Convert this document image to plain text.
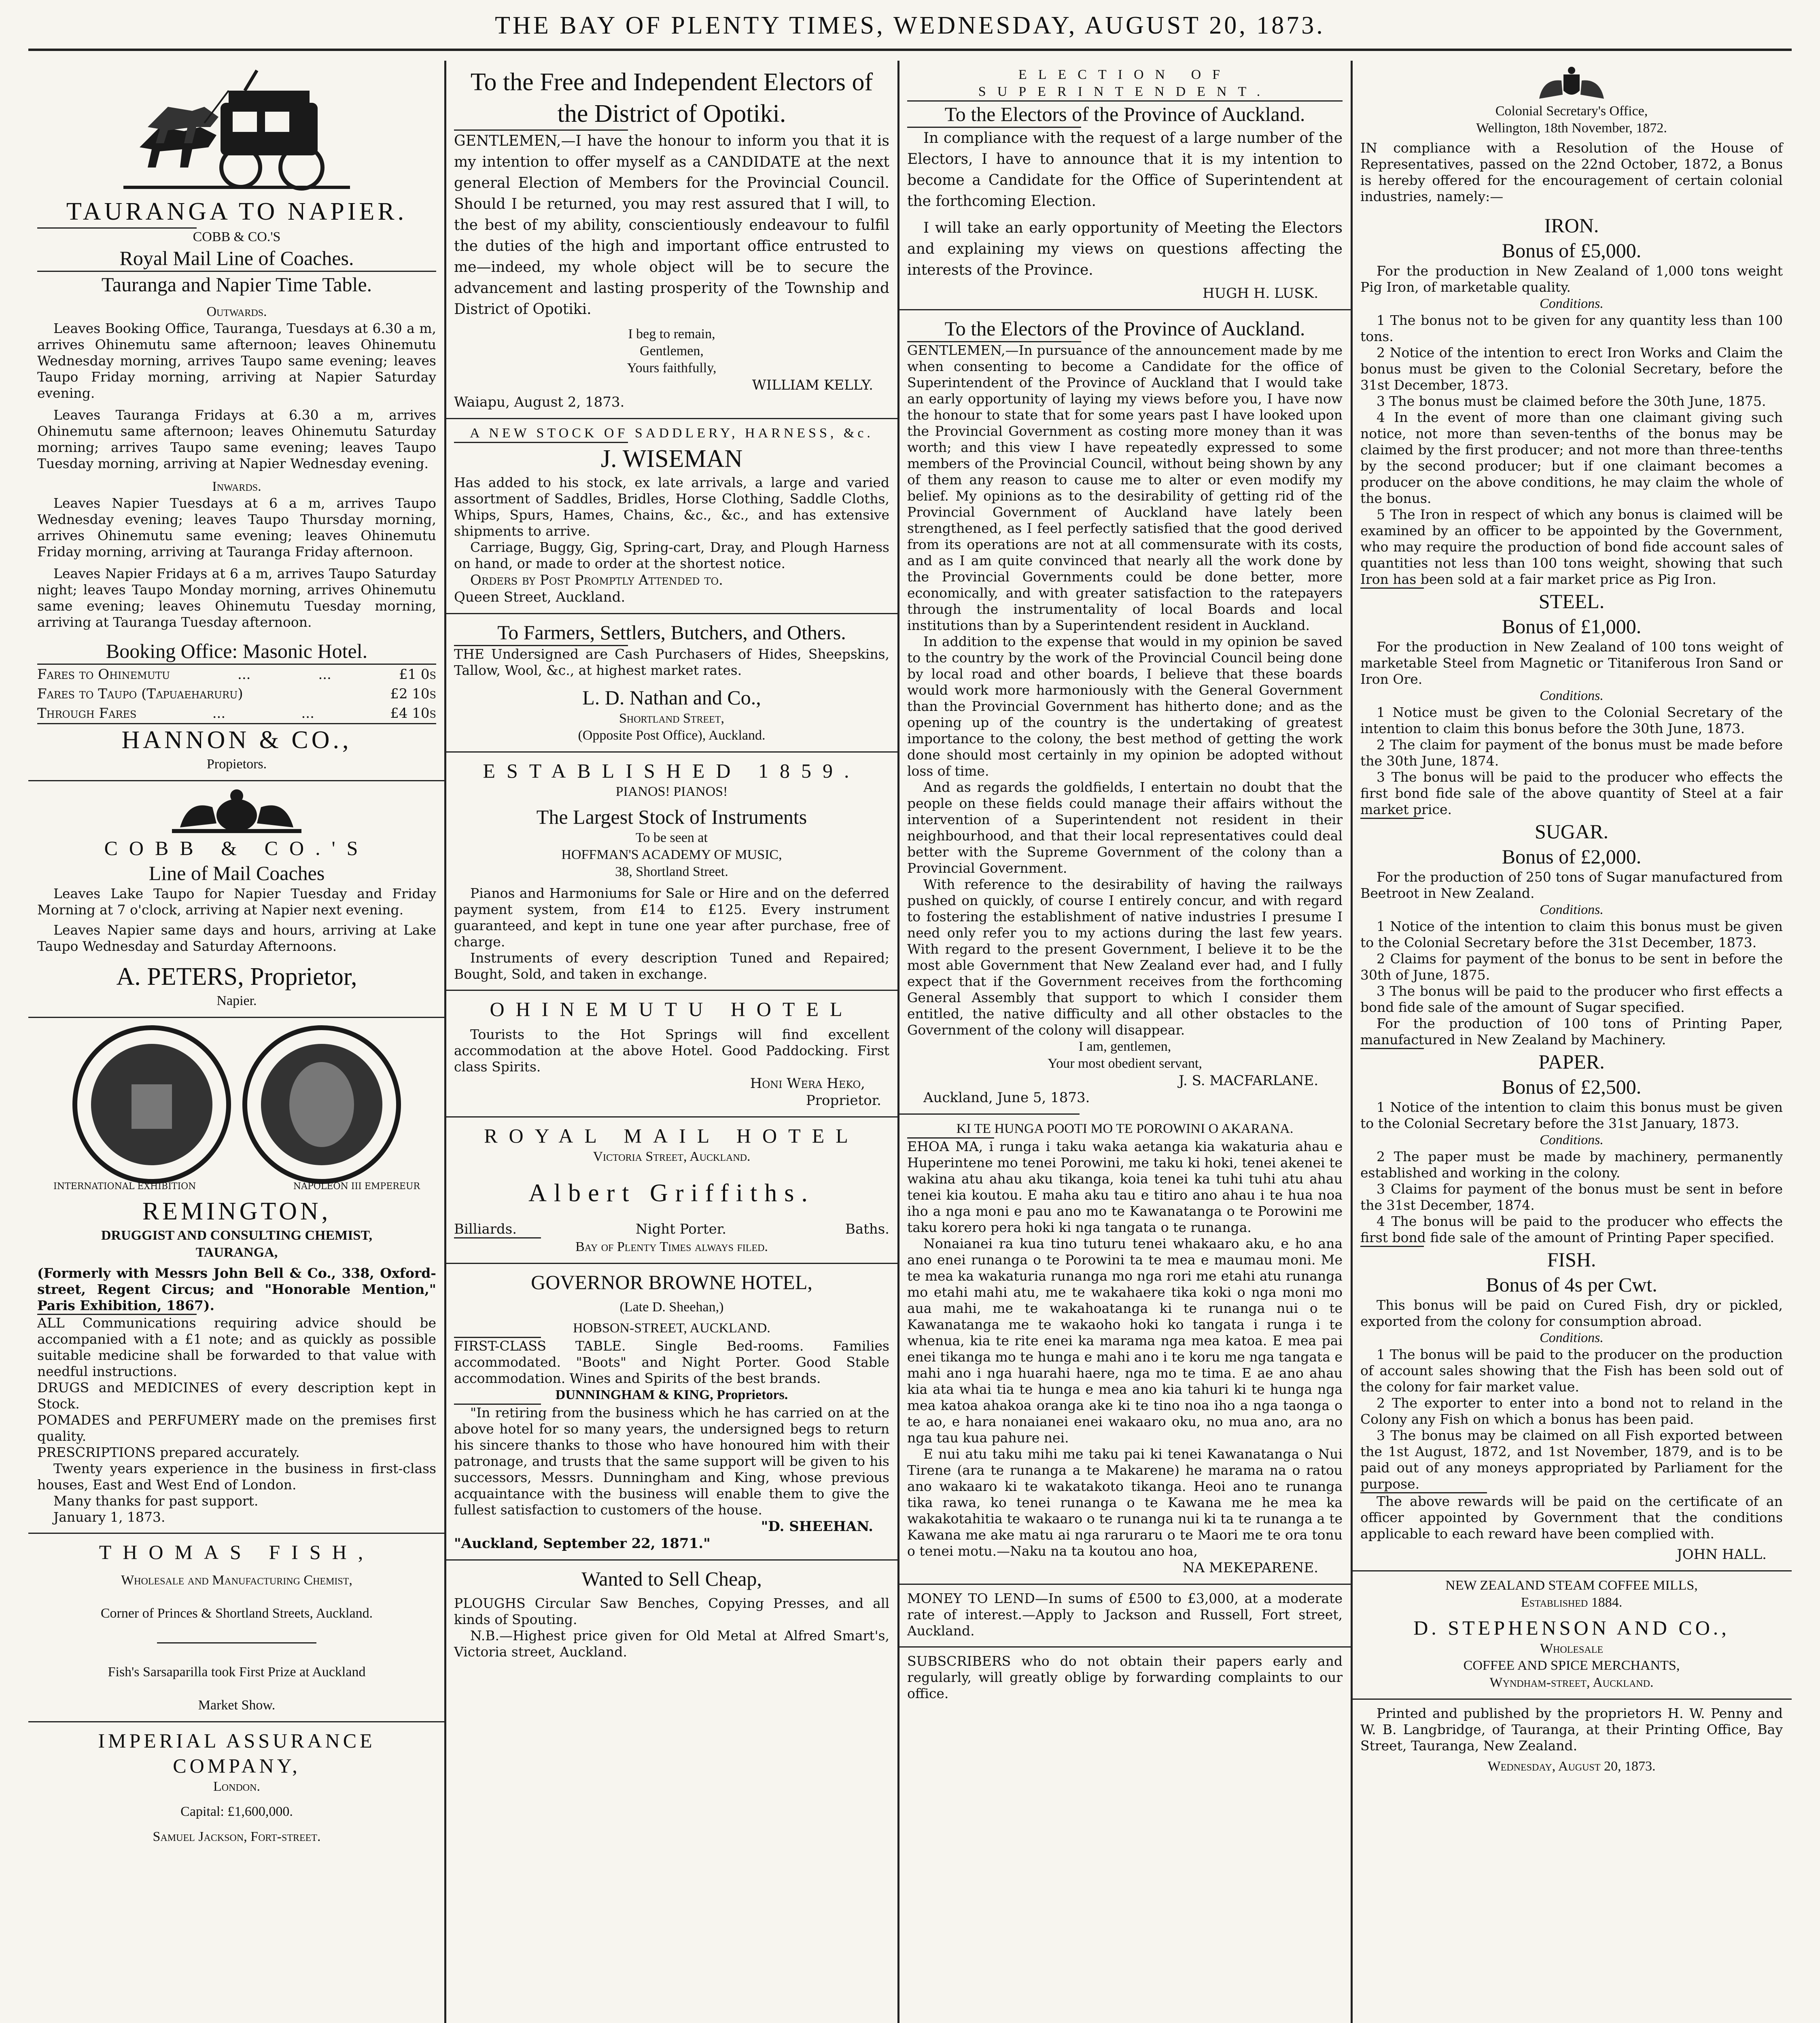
THE BAY OF PLENTY TIMES, WEDNESDAY, AUGUST 20, 1873.
TAURANGA TO NAPIER.
COBB & CO.'S
Royal Mail Line of Coaches.
Tauranga and Napier Time Table.
Outwards.

Leaves Booking Office, Tauranga, Tuesdays at 6.30 a m, arrives Ohinemutu same afternoon; leaves Ohinemutu Wednesday morning, arrives Taupo same evening; leaves Taupo Friday morning, arriving at Napier Saturday evening.

Leaves Tauranga Fridays at 6.30 a m, arrives Ohinemutu same afternoon; leaves Ohinemutu Saturday morning; arrives Taupo same evening; leaves Taupo Tuesday morning, arriving at Napier Wednesday evening.

Inwards.

Leaves Napier Tuesdays at 6 a m, arrives Taupo Wednesday evening; leaves Taupo Thursday morning, arrives Ohinemutu same evening; leaves Ohinemutu Friday morning, arriving at Tauranga Friday afternoon.

Leaves Napier Fridays at 6 a m, arrives Taupo Saturday night; leaves Taupo Monday morning, arrives Ohinemutu same evening; leaves Ohinemutu Tuesday morning, arriving at Tauranga Tuesday afternoon.

Booking Office: Masonic Hotel.
Fares to Ohinemutu	...	...	£1 0s
Fares to Taupo (Tapuaeharuru)	£2 10s
Through Fares	...	...	£4 10s
HANNON & CO.,
Propietors.
COBB & CO.'S
Line of Mail Coaches

Leaves Lake Taupo for Napier Tuesday and Friday Morning at 7 o'clock, arriving at Napier next evening.

Leaves Napier same days and hours, arriving at Lake Taupo Wednesday and Saturday Afternoons.

A. PETERS, Proprietor,
Napier.
INTERNATIONAL EXHIBITION	NAPOLEON III EMPEREUR
REMINGTON,
DRUGGIST AND CONSULTING CHEMIST,
TAURANGA,

(Formerly with Messrs John Bell & Co., 338, Oxford-street, Regent Circus; and "Honorable Mention," Paris Exhibition, 1867).

ALL Communications requiring advice should be accompanied with a £1 note; and as quickly as possible suitable medicine shall be forwarded to that value with needful instructions.

DRUGS and MEDICINES of every description kept in Stock.

POMADES and PERFUMERY made on the premises first quality.

PRESCRIPTIONS prepared accurately.

Twenty years experience in the business in first-class houses, East and West End of London.

Many thanks for past support.

January 1, 1873.

THOMAS FISH,
Wholesale and Manufacturing Chemist,
Corner of Princes & Shortland Streets, Auckland.
Fish's Sarsaparilla took First Prize at Auckland
Market Show.
IMPERIAL ASSURANCE COMPANY,
London.
Capital: £1,600,000.
Samuel Jackson, Fort-street.
To the Free and Independent Electors of the District of Opotiki.

GENTLEMEN,—I have the honour to inform you that it is my intention to offer myself as a CANDIDATE at the next general Election of Members for the Provincial Council. Should I be returned, you may rest assured that I will, to the best of my ability, conscientiously endeavour to fulfil the duties of the high and important office entrusted to me—indeed, my whole object will be to secure the advancement and lasting prosperity of the Township and District of Opotiki.

I beg to remain,
Gentlemen,
Yours faithfully,
WILLIAM KELLY.
Waiapu, August 2, 1873.
A NEW STOCK OF SADDLERY, HARNESS, &c.
J. WISEMAN

Has added to his stock, ex late arrivals, a large and varied assortment of Saddles, Bridles, Horse Clothing, Saddle Cloths, Whips, Spurs, Hames, Chains, &c., &c., and has extensive shipments to arrive.

Carriage, Buggy, Gig, Spring-cart, Dray, and Plough Harness on hand, or made to order at the shortest notice.

Orders by Post Promptly Attended to.

Queen Street, Auckland.

To Farmers, Settlers, Butchers, and Others.

THE Undersigned are Cash Purchasers of Hides, Sheepskins, Tallow, Wool, &c., at highest market rates.

L. D. Nathan and Co.,
Shortland Street,
(Opposite Post Office), Auckland.
ESTABLISHED 1859.
PIANOS! PIANOS!
The Largest Stock of Instruments
To be seen at
HOFFMAN'S ACADEMY OF MUSIC,
38, Shortland Street.

Pianos and Harmoniums for Sale or Hire and on the deferred payment system, from £14 to £125. Every instrument guaranteed, and kept in tune one year after purchase, free of charge.

Instruments of every description Tuned and Repaired; Bought, Sold, and taken in exchange.

OHINEMUTU HOTEL

Tourists to the Hot Springs will find excellent accommodation at the above Hotel. Good Paddocking. First class Spirits.

Honi Wera Heko,
Proprietor.
ROYAL MAIL HOTEL
Victoria Street, Auckland.
Albert Griffiths.
Billiards.	Night Porter.	Baths.
Bay of Plenty Times always filed.
GOVERNOR BROWNE HOTEL,
(Late D. Sheehan,)
HOBSON-STREET, AUCKLAND.

FIRST-CLASS TABLE. Single Bed-rooms. Families accommodated. "Boots" and Night Porter. Good Stable accommodation. Wines and Spirits of the best brands.

DUNNINGHAM & KING, Proprietors.

"In retiring from the business which he has carried on at the above hotel for so many years, the undersigned begs to return his sincere thanks to those who have honoured him with their patronage, and trusts that the same support will be given to his successors, Messrs. Dunningham and King, whose previous acquaintance with the business will enable them to give the fullest satisfaction to customers of the house.

"D. SHEEHAN.
"Auckland, September 22, 1871."
Wanted to Sell Cheap,

PLOUGHS Circular Saw Benches, Copying Presses, and all kinds of Spouting.

N.B.—Highest price given for Old Metal at Alfred Smart's, Victoria street, Auckland.

ELECTION OF SUPERINTENDENT.
To the Electors of the Province of Auckland.

In compliance with the request of a large number of the Electors, I have to announce that it is my intention to become a Candidate for the Office of Superintendent at the forthcoming Election.

I will take an early opportunity of Meeting the Electors and explaining my views on questions affecting the interests of the Province.

HUGH H. LUSK.
To the Electors of the Province of Auckland.

GENTLEMEN,—In pursuance of the announcement made by me when consenting to become a Candidate for the office of Superintendent of the Province of Auckland that I would take an early opportunity of laying my views before you, I have now the honour to state that for some years past I have looked upon the Provincial Government as costing more money than it was worth; and this view I have repeatedly expressed to some members of the Provincial Council, without being shown by any of them any reason to cause me to alter or even modify my belief. My opinions as to the desirability of getting rid of the Provincial Government of Auckland have lately been strengthened, as I feel perfectly satisfied that the good derived from its operations are not at all commensurate with its costs, and as I am quite convinced that nearly all the work done by the Provincial Governments could be done better, more economically, and with greater satisfaction to the ratepayers through the instrumentality of local Boards and local institutions than by a Superintendent resident in Auckland.

In addition to the expense that would in my opinion be saved to the country by the work of the Provincial Council being done by local road and other boards, I believe that these boards would work more harmoniously with the General Government than the Provincial Government has hitherto done; and as the opening up of the country is the undertaking of greatest importance to the colony, the best method of getting the work done should most certainly in my opinion be adopted without loss of time.

And as regards the goldfields, I entertain no doubt that the people on these fields could manage their affairs without the intervention of a Superintendent not resident in their neighbourhood, and that their local representatives could deal better with the Supreme Government of the colony than a Provincial Government.

With reference to the desirability of having the railways pushed on quickly, of course I entirely concur, and with regard to fostering the establishment of native industries I presume I need only refer you to my actions during the last few years. With regard to the present Government, I believe it to be the most able Government that New Zealand ever had, and I fully expect that if the Government receives from the forthcoming General Assembly that support to which I consider them entitled, the native difficulty and all other obstacles to the Government of the colony will disappear.

I am, gentlemen,
Your most obedient servant,
J. S. MACFARLANE.
Auckland, June 5, 1873.
KI TE HUNGA POOTI MO TE POROWINI O AKARANA.

EHOA MA, i runga i taku waka aetanga kia wakaturia ahau e Huperintene mo tenei Porowini, me taku ki hoki, tenei akenei te wakina atu ahau aku tikanga, koia tenei ka tuhi tuhi atu ahau tenei kia koutou. E maha aku tau e titiro ano ahau i te hua noa iho a nga moni e pau ano mo te Kawanatanga o te Porowini me taku korero pera hoki ki nga tangata o te runanga.

Nonaianei ra kua tino tuturu tenei whakaaro aku, e ho ana ano enei runanga o te Porowini ta te mea e maumau moni. Me te mea ka wakaturia runanga mo nga rori me etahi atu runanga mo etahi mahi atu, me te wakahaere tika koki o nga moni mo aua mahi, me te wakahoatanga ki te runanga nui o te Kawanatanga me te wakaoho hoki ko tangata i runga i te whenua, kia te rite enei ka marama nga mea katoa. E mea pai enei tikanga mo te hunga e mahi ano i te koru me nga tangata e mahi ano i nga huarahi haere, nga mo te tima. E ae ano ahau kia ata whai tia te hunga e mea ano kia tahuri ki te hunga nga mea katoa ahakoa oranga ake ki te tino noa iho a nga taonga o te ao, e hara nonaianei enei wakaaro oku, no mua ano, ara no nga tau kua pahure nei.

E nui atu taku mihi me taku pai ki tenei Kawanatanga o Nui Tirene (ara te runanga a te Makarene) he marama na o ratou ano wakaaro ki te wakatakoto tikanga. Heoi ano te runanga tika rawa, ko tenei runanga o te Kawana me he mea ka wakakotahitia te wakaaro o te runanga nui ki ta te runanga a te Kawana me ake matu ai nga raruraru o te Maori me te ora tonu o tenei motu.—Naku na ta koutou ano hoa,

NA MEKEPARENE.

MONEY TO LEND—In sums of £500 to £3,000, at a moderate rate of interest.—Apply to Jackson and Russell, Fort street, Auckland.

SUBSCRIBERS who do not obtain their papers early and regularly, will greatly oblige by forwarding complaints to our office.

Colonial Secretary's Office,
Wellington, 18th November, 1872.

IN compliance with a Resolution of the House of Representatives, passed on the 22nd October, 1872, a Bonus is hereby offered for the encouragement of certain colonial industries, namely:—

IRON.
Bonus of £5,000.

For the production in New Zealand of 1,000 tons weight Pig Iron, of marketable quality.

Conditions.

1 The bonus not to be given for any quantity less than 100 tons.

2 Notice of the intention to erect Iron Works and Claim the bonus must be given to the Colonial Secretary, before the 31st December, 1873.

3 The bonus must be claimed before the 30th June, 1875.

4 In the event of more than one claimant giving such notice, not more than seven-tenths of the bonus may be claimed by the first producer; and not more than three-tenths by the second producer; but if one claimant becomes a producer on the above conditions, he may claim the whole of the bonus.

5 The Iron in respect of which any bonus is claimed will be examined by an officer to be appointed by the Government, who may require the production of bond fide account sales of quantities not less than 100 tons weight, showing that such Iron has been sold at a fair market price as Pig Iron.

STEEL.
Bonus of £1,000.

For the production in New Zealand of 100 tons weight of marketable Steel from Magnetic or Titaniferous Iron Sand or Iron Ore.

Conditions.

1 Notice must be given to the Colonial Secretary of the intention to claim this bonus before the 30th June, 1873.

2 The claim for payment of the bonus must be made before the 30th June, 1874.

3 The bonus will be paid to the producer who effects the first bond fide sale of the above quantity of Steel at a fair market price.

SUGAR.
Bonus of £2,000.

For the production of 250 tons of Sugar manufactured from Beetroot in New Zealand.

Conditions.

1 Notice of the intention to claim this bonus must be given to the Colonial Secretary before the 31st December, 1873.

2 Claims for payment of the bonus to be sent in before the 30th of June, 1875.

3 The bonus will be paid to the producer who first effects a bond fide sale of the amount of Sugar specified.

For the production of 100 tons of Printing Paper, manufactured in New Zealand by Machinery.

PAPER.
Bonus of £2,500.

1 Notice of the intention to claim this bonus must be given to the Colonial Secretary before the 31st January, 1873.

Conditions.

2 The paper must be made by machinery, permanently established and working in the colony.

3 Claims for payment of the bonus must be sent in before the 31st December, 1874.

4 The bonus will be paid to the producer who effects the first bond fide sale of the amount of Printing Paper specified.

FISH.
Bonus of 4s per Cwt.

This bonus will be paid on Cured Fish, dry or pickled, exported from the colony for consumption abroad.

Conditions.

1 The bonus will be paid to the producer on the production of account sales showing that the Fish has been sold out of the colony for fair market value.

2 The exporter to enter into a bond not to reland in the Colony any Fish on which a bonus has been paid.

3 The bonus may be claimed on all Fish exported between the 1st August, 1872, and 1st November, 1879, and is to be paid out of any moneys appropriated by Parliament for the purpose.

The above rewards will be paid on the certificate of an officer appointed by Government that the conditions applicable to each reward have been complied with.

JOHN HALL.
NEW ZEALAND STEAM COFFEE MILLS,
Established 1884.
D. STEPHENSON AND CO.,
Wholesale
COFFEE AND SPICE MERCHANTS,
Wyndham-street, Auckland.

Printed and published by the proprietors H. W. Penny and W. B. Langbridge, of Tauranga, at their Printing Office, Bay Street, Tauranga, New Zealand.

Wednesday, August 20, 1873.
